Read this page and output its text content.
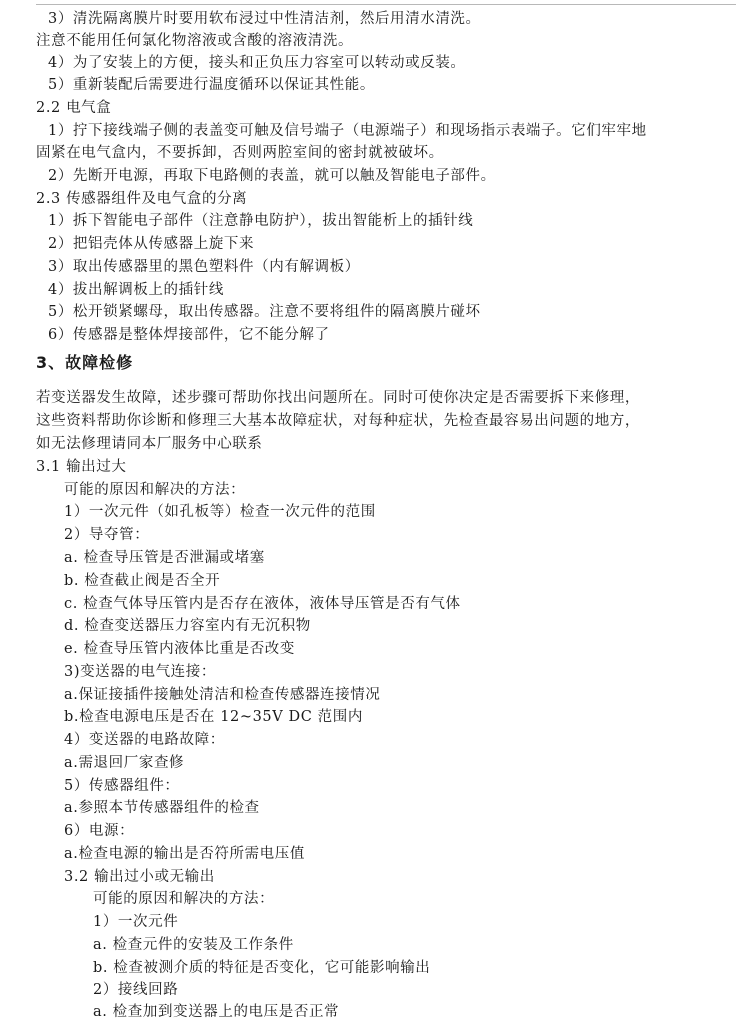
3）清洗隔离膜片时要用软布浸过中性清洁剂，然后用清水清洗。
注意不能用任何氯化物溶液或含酸的溶液清洗。
4）为了安装上的方便，接头和正负压力容室可以转动或反装。
5）重新装配后需要进行温度循环以保证其性能。
2.2 电气盒
1）拧下接线端子侧的表盖变可触及信号端子（电源端子）和现场指示表端子。它们牢牢地
固紧在电气盒内，不要拆卸，否则两腔室间的密封就被破坏。
2）先断开电源，再取下电路侧的表盖，就可以触及智能电子部件。
2.3 传感器组件及电气盒的分离
1）拆下智能电子部件（注意静电防护），拔出智能析上的插针线
2）把铝壳体从传感器上旋下来
3）取出传感器里的黑色塑料件（内有解调板）
4）拔出解调板上的插针线
5）松开锁紧螺母，取出传感器。注意不要将组件的隔离膜片碰坏
6）传感器是整体焊接部件，它不能分解了
3、故障检修
若变送器发生故障，述步骤可帮助你找出问题所在。同时可使你决定是否需要拆下来修理，
这些资料帮助你诊断和修理三大基本故障症状，对每种症状，先检查最容易出问题的地方，
如无法修理请同本厂服务中心联系
3.1 输出过大
可能的原因和解决的方法：
1）一次元件（如孔板等）检查一次元件的范围
2）导夺管：
a. 检查导压管是否泄漏或堵塞
b. 检查截止阀是否全开
c. 检查气体导压管内是否存在液体，液体导压管是否有气体
d. 检查变送器压力容室内有无沉积物
e. 检查导压管内液体比重是否改变
3)变送器的电气连接：
a.保证接插件接触处清洁和检查传感器连接情况
b.检查电源电压是否在 12~35V DC 范围内
4）变送器的电路故障：
a.需退回厂家查修
5）传感器组件：
a.参照本节传感器组件的检查
6）电源：
a.检查电源的输出是否符所需电压值
3.2 输出过小或无输出
可能的原因和解决的方法：
1）一次元件
a. 检查元件的安装及工作条件
b. 检查被测介质的特征是否变化，它可能影响输出
2）接线回路
a. 检查加到变送器上的电压是否正常
